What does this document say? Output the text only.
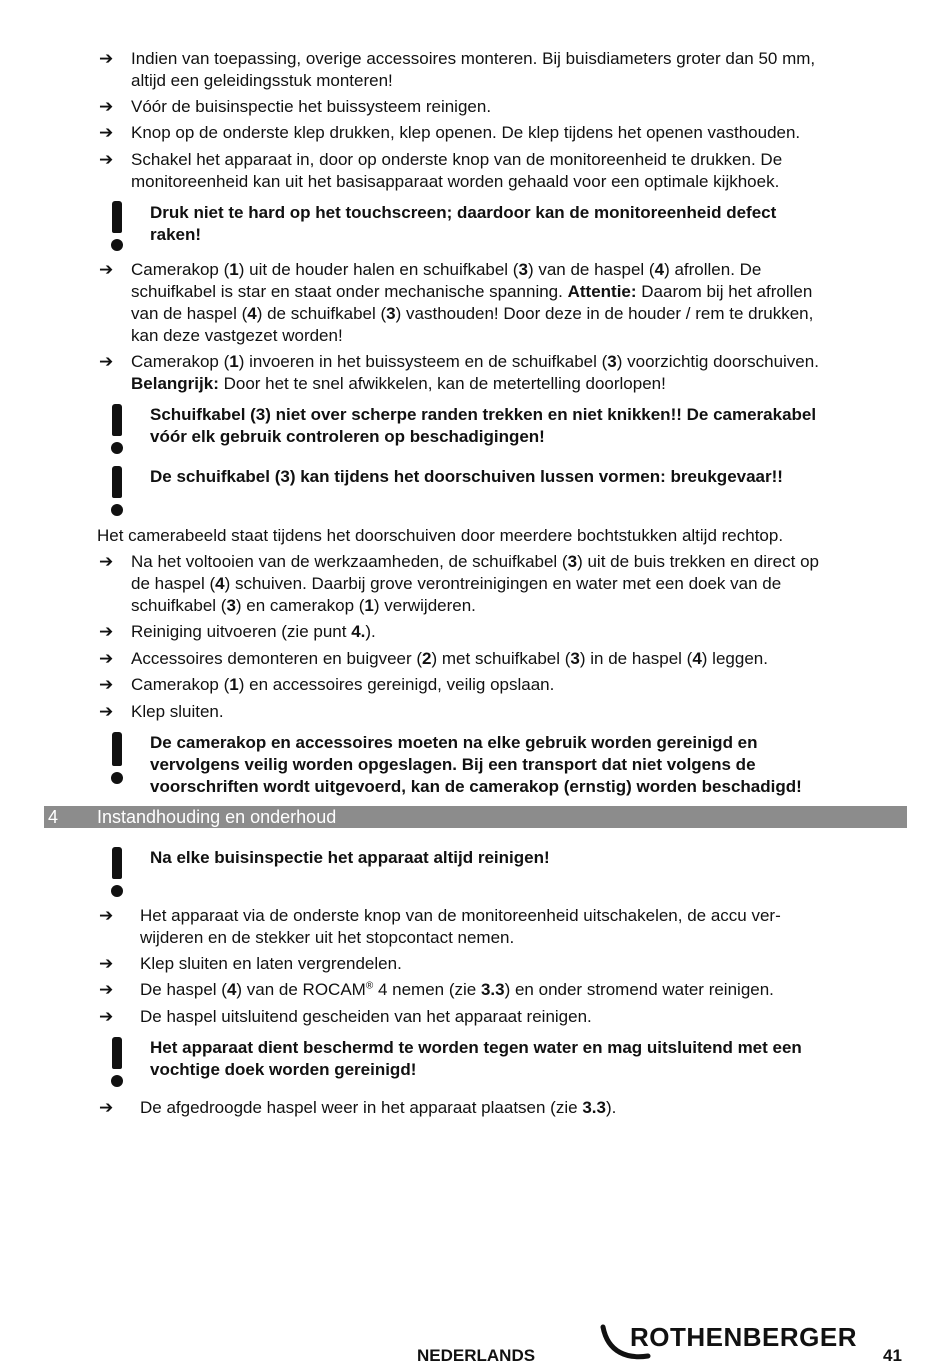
➔	Indien van toepassing, overige accessoires monteren. Bij buisdiameters groter dan 50 mm,
altijd een geleidingsstuk monteren!
➔	Vóór de buisinspectie het buissysteem reinigen.
➔	Knop op de onderste klep drukken, klep openen. De klep tijdens het openen vasthouden.
➔	Schakel het apparaat in, door op onderste knop van de monitoreenheid te drukken. De
monitoreenheid kan uit het basisapparaat worden gehaald voor een optimale kijkhoek.
Druk niet te hard op het touchscreen; daardoor kan de monitoreenheid defect
raken!
➔	Camerakop (1) uit de houder halen en schuifkabel (3) van de haspel (4) afrollen. De
schuifkabel is star en staat onder mechanische spanning. Attentie: Daarom bij het afrollen
van de haspel (4) de schuifkabel (3) vasthouden! Door deze in de houder / rem te drukken,
kan deze vastgezet worden!
➔	Camerakop (1) invoeren in het buissysteem en de schuifkabel (3) voorzichtig doorschuiven.
Belangrijk: Door het te snel afwikkelen, kan de metertelling doorlopen!
Schuifkabel (3) niet over scherpe randen trekken en niet knikken!! De camerakabel
vóór elk gebruik controleren op beschadigingen!
De schuifkabel (3) kan tijdens het doorschuiven lussen vormen: breukgevaar!!
Het camerabeeld staat tijdens het doorschuiven door meerdere bochtstukken altijd rechtop.
➔	Na het voltooien van de werkzaamheden, de schuifkabel (3) uit de buis trekken en direct op
de haspel (4) schuiven. Daarbij grove verontreinigingen en water met een doek van de
schuifkabel (3) en camerakop (1) verwijderen.
➔	Reiniging uitvoeren (zie punt 4.).
➔	Accessoires demonteren en buigveer (2) met schuifkabel (3) in de haspel (4) leggen.
➔	Camerakop (1) en accessoires gereinigd, veilig opslaan.
➔	Klep sluiten.
De camerakop en accessoires moeten na elke gebruik worden gereinigd en
vervolgens veilig worden opgeslagen. Bij een transport dat niet volgens de
voorschriften wordt uitgevoerd, kan de camerakop (ernstig) worden beschadigd!
4 Instandhouding en onderhoud
Na elke buisinspectie het apparaat altijd reinigen!
➔	Het apparaat via de onderste knop van de monitoreenheid uitschakelen, de accu ver-
wijderen en de stekker uit het stopcontact nemen.
➔	Klep sluiten en laten vergrendelen.
➔	De haspel (4) van de ROCAM® 4 nemen (zie 3.3) en onder stromend water reinigen.
➔	De haspel uitsluitend gescheiden van het apparaat reinigen.
Het apparaat dient beschermd te worden tegen water en mag uitsluitend met een
vochtige doek worden gereinigd!
➔	De afgedroogde haspel weer in het apparaat plaatsen (zie 3.3).
NEDERLANDS
ROTHENBERGER
41
